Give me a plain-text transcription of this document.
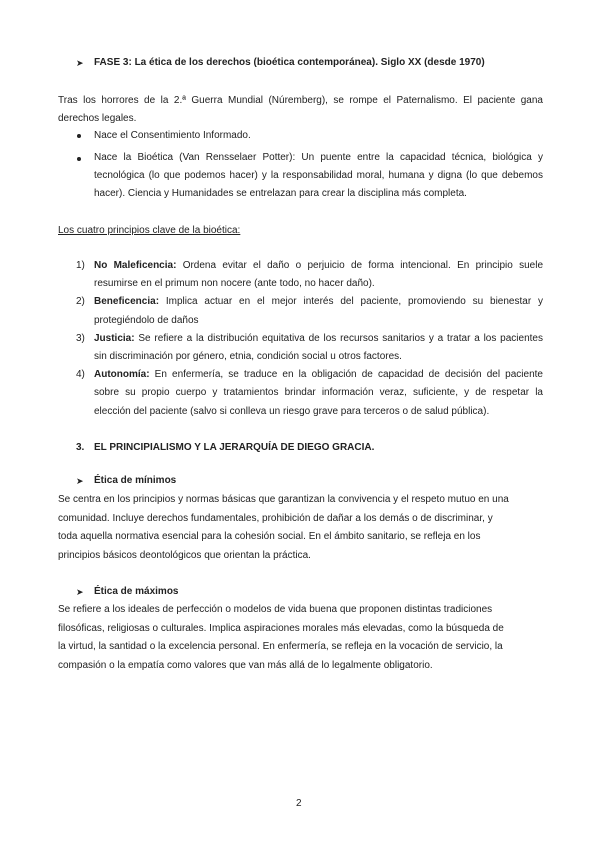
➤ FASE 3: La ética de los derechos (bioética contemporánea). Siglo XX (desde 1970)
Tras los horrores de la 2.ª Guerra Mundial (Núremberg), se rompe el Paternalismo. El paciente gana
derechos legales.
Nace el Consentimiento Informado.
Nace la Bioética (Van Rensselaer Potter): Un puente entre la capacidad técnica, biológica y
tecnológica (lo que podemos hacer) y la responsabilidad moral, humana y digna (lo que debemos
hacer). Ciencia y Humanidades se entrelazan para crear la disciplina más completa.
Los cuatro principios clave de la bioética:
1) No Maleficencia: Ordena evitar el daño o perjuicio de forma intencional. En principio suele
resumirse en el primum non nocere (ante todo, no hacer daño).
2) Beneficencia: Implica actuar en el mejor interés del paciente, promoviendo su bienestar y
protegiéndolo de daños
3) Justicia: Se refiere a la distribución equitativa de los recursos sanitarios y a tratar a los pacientes
sin discriminación por género, etnia, condición social u otros factores.
4) Autonomía: En enfermería, se traduce en la obligación de capacidad de decisión del paciente
sobre su propio cuerpo y tratamientos brindar información veraz, suficiente, y de respetar la
elección del paciente (salvo si conlleva un riesgo grave para terceros o de salud pública).
3. EL PRINCIPIALISMO Y LA JERARQUÍA DE DIEGO GRACIA.
➤ Ética de mínimos
Se centra en los principios y normas básicas que garantizan la convivencia y el respeto mutuo en una
comunidad. Incluye derechos fundamentales, prohibición de dañar a los demás o de discriminar, y
toda aquella normativa esencial para la cohesión social. En el ámbito sanitario, se refleja en los
principios básicos deontológicos que orientan la práctica.
➤ Ética de máximos
Se refiere a los ideales de perfección o modelos de vida buena que proponen distintas tradiciones
filosóficas, religiosas o culturales. Implica aspiraciones morales más elevadas, como la búsqueda de
la virtud, la santidad o la excelencia personal. En enfermería, se refleja en la vocación de servicio, la
compasión o la empatía como valores que van más allá de lo legalmente obligatorio.
2
